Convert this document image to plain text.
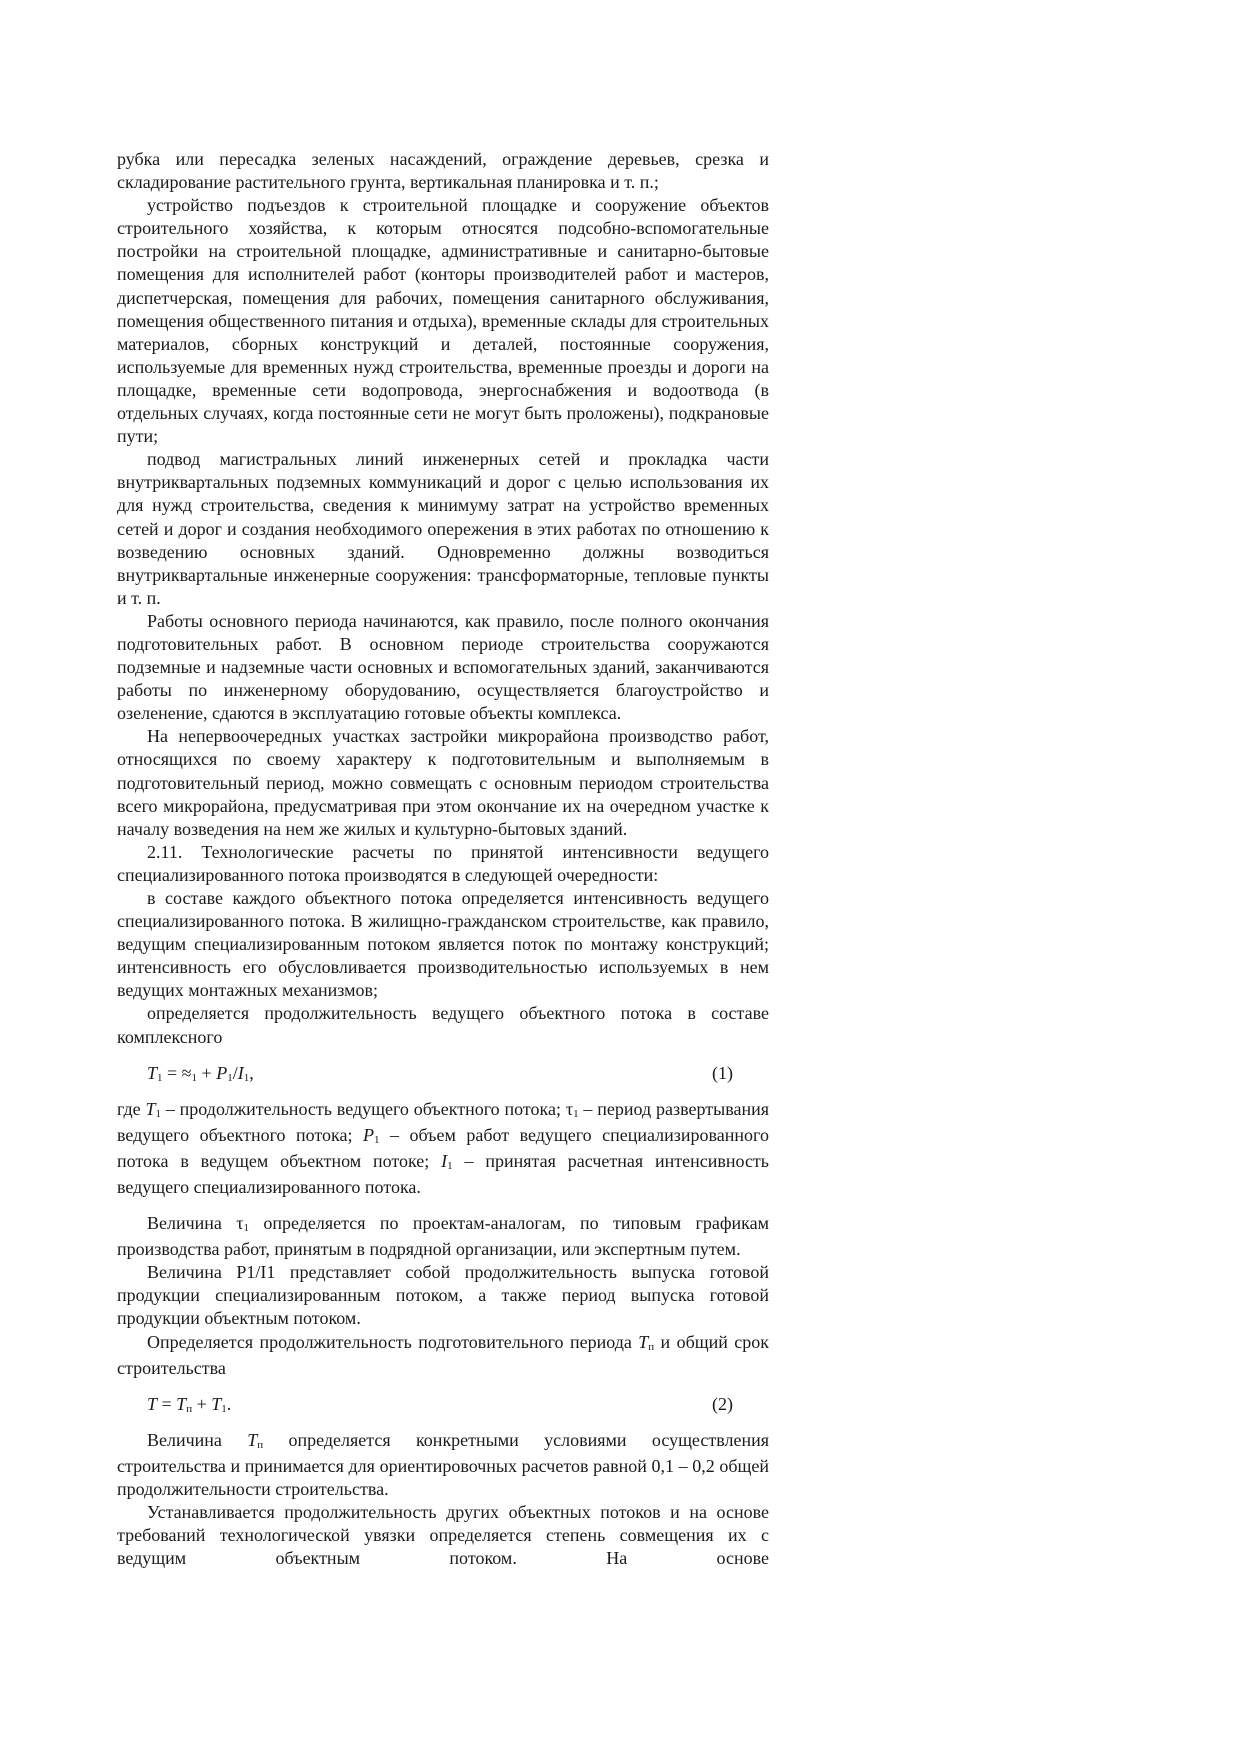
рубка или пересадка зеленых насаждений, ограждение деревьев, срезка и складирование растительного грунта, вертикальная планировка и т. п.;

устройство подъездов к строительной площадке и сооружение объектов строительного хозяйства, к которым относятся подсобно-вспомогательные постройки на строительной площадке, административные и санитарно-бытовые помещения для исполнителей работ (конторы производителей работ и мастеров, диспетчерская, помещения для рабочих, помещения санитарного обслуживания, помещения общественного питания и отдыха), временные склады для строительных материалов, сборных конструкций и деталей, постоянные сооружения, используемые для временных нужд строительства, временные проезды и дороги на площадке, временные сети водопровода, энергоснабжения и водоотвода (в отдельных случаях, когда постоянные сети не могут быть проложены), подкрановые пути;

подвод магистральных линий инженерных сетей и прокладка части внутриквартальных подземных коммуникаций и дорог с целью использования их для нужд строительства, сведения к минимуму затрат на устройство временных сетей и дорог и создания необходимого опережения в этих работах по отношению к возведению основных зданий. Одновременно должны возводиться внутриквартальные инженерные сооружения: трансформаторные, тепловые пункты и т. п.

Работы основного периода начинаются, как правило, после полного окончания подготовительных работ. В основном периоде строительства сооружаются подземные и надземные части основных и вспомогательных зданий, заканчиваются работы по инженерному оборудованию, осуществляется благоустройство и озеленение, сдаются в эксплуатацию готовые объекты комплекса.

На непервоочередных участках застройки микрорайона производство работ, относящихся по своему характеру к подготовительным и выполняемым в подготовительный период, можно совмещать с основным периодом строительства всего микрорайона, предусматривая при этом окончание их на очередном участке к началу возведения на нем же жилых и культурно-бытовых зданий.

2.11. Технологические расчеты по принятой интенсивности ведущего специализированного потока производятся в следующей очередности:

в составе каждого объектного потока определяется интенсивность ведущего специализированного потока. В жилищно-гражданском строительстве, как правило, ведущим специализированным потоком является поток по монтажу конструкций; интенсивность его обусловливается производительностью используемых в нем ведущих монтажных механизмов;

определяется продолжительность ведущего объектного потока в составе комплексного

$T_1 = \approx_1 + P_1/I_1$,	(1)

где $T_1$ – продолжительность ведущего объектного потока; $\tau_1$ – период развертывания ведущего объектного потока; $P_1$ – объем работ ведущего специализированного потока в ведущем объектном потоке; $I_1$ – принятая расчетная интенсивность ведущего специализированного потока.

Величина $\tau_1$ определяется по проектам-аналогам, по типовым графикам производства работ, принятым в подрядной организации, или экспертным путем.

Величина Р1/I1 представляет собой продолжительность выпуска готовой продукции специализированным потоком, а также период выпуска готовой продукции объектным потоком.

Определяется продолжительность подготовительного периода $T_п$ и общий срок строительства

$T = T_п + T_1$.	(2)

Величина $T_п$ определяется конкретными условиями осуществления строительства и принимается для ориентировочных расчетов равной 0,1 – 0,2 общей продолжительности строительства.

Устанавливается продолжительность других объектных потоков и на основе требований технологической увязки определяется степень совмещения их с ведущим объектным потоком. На основе
